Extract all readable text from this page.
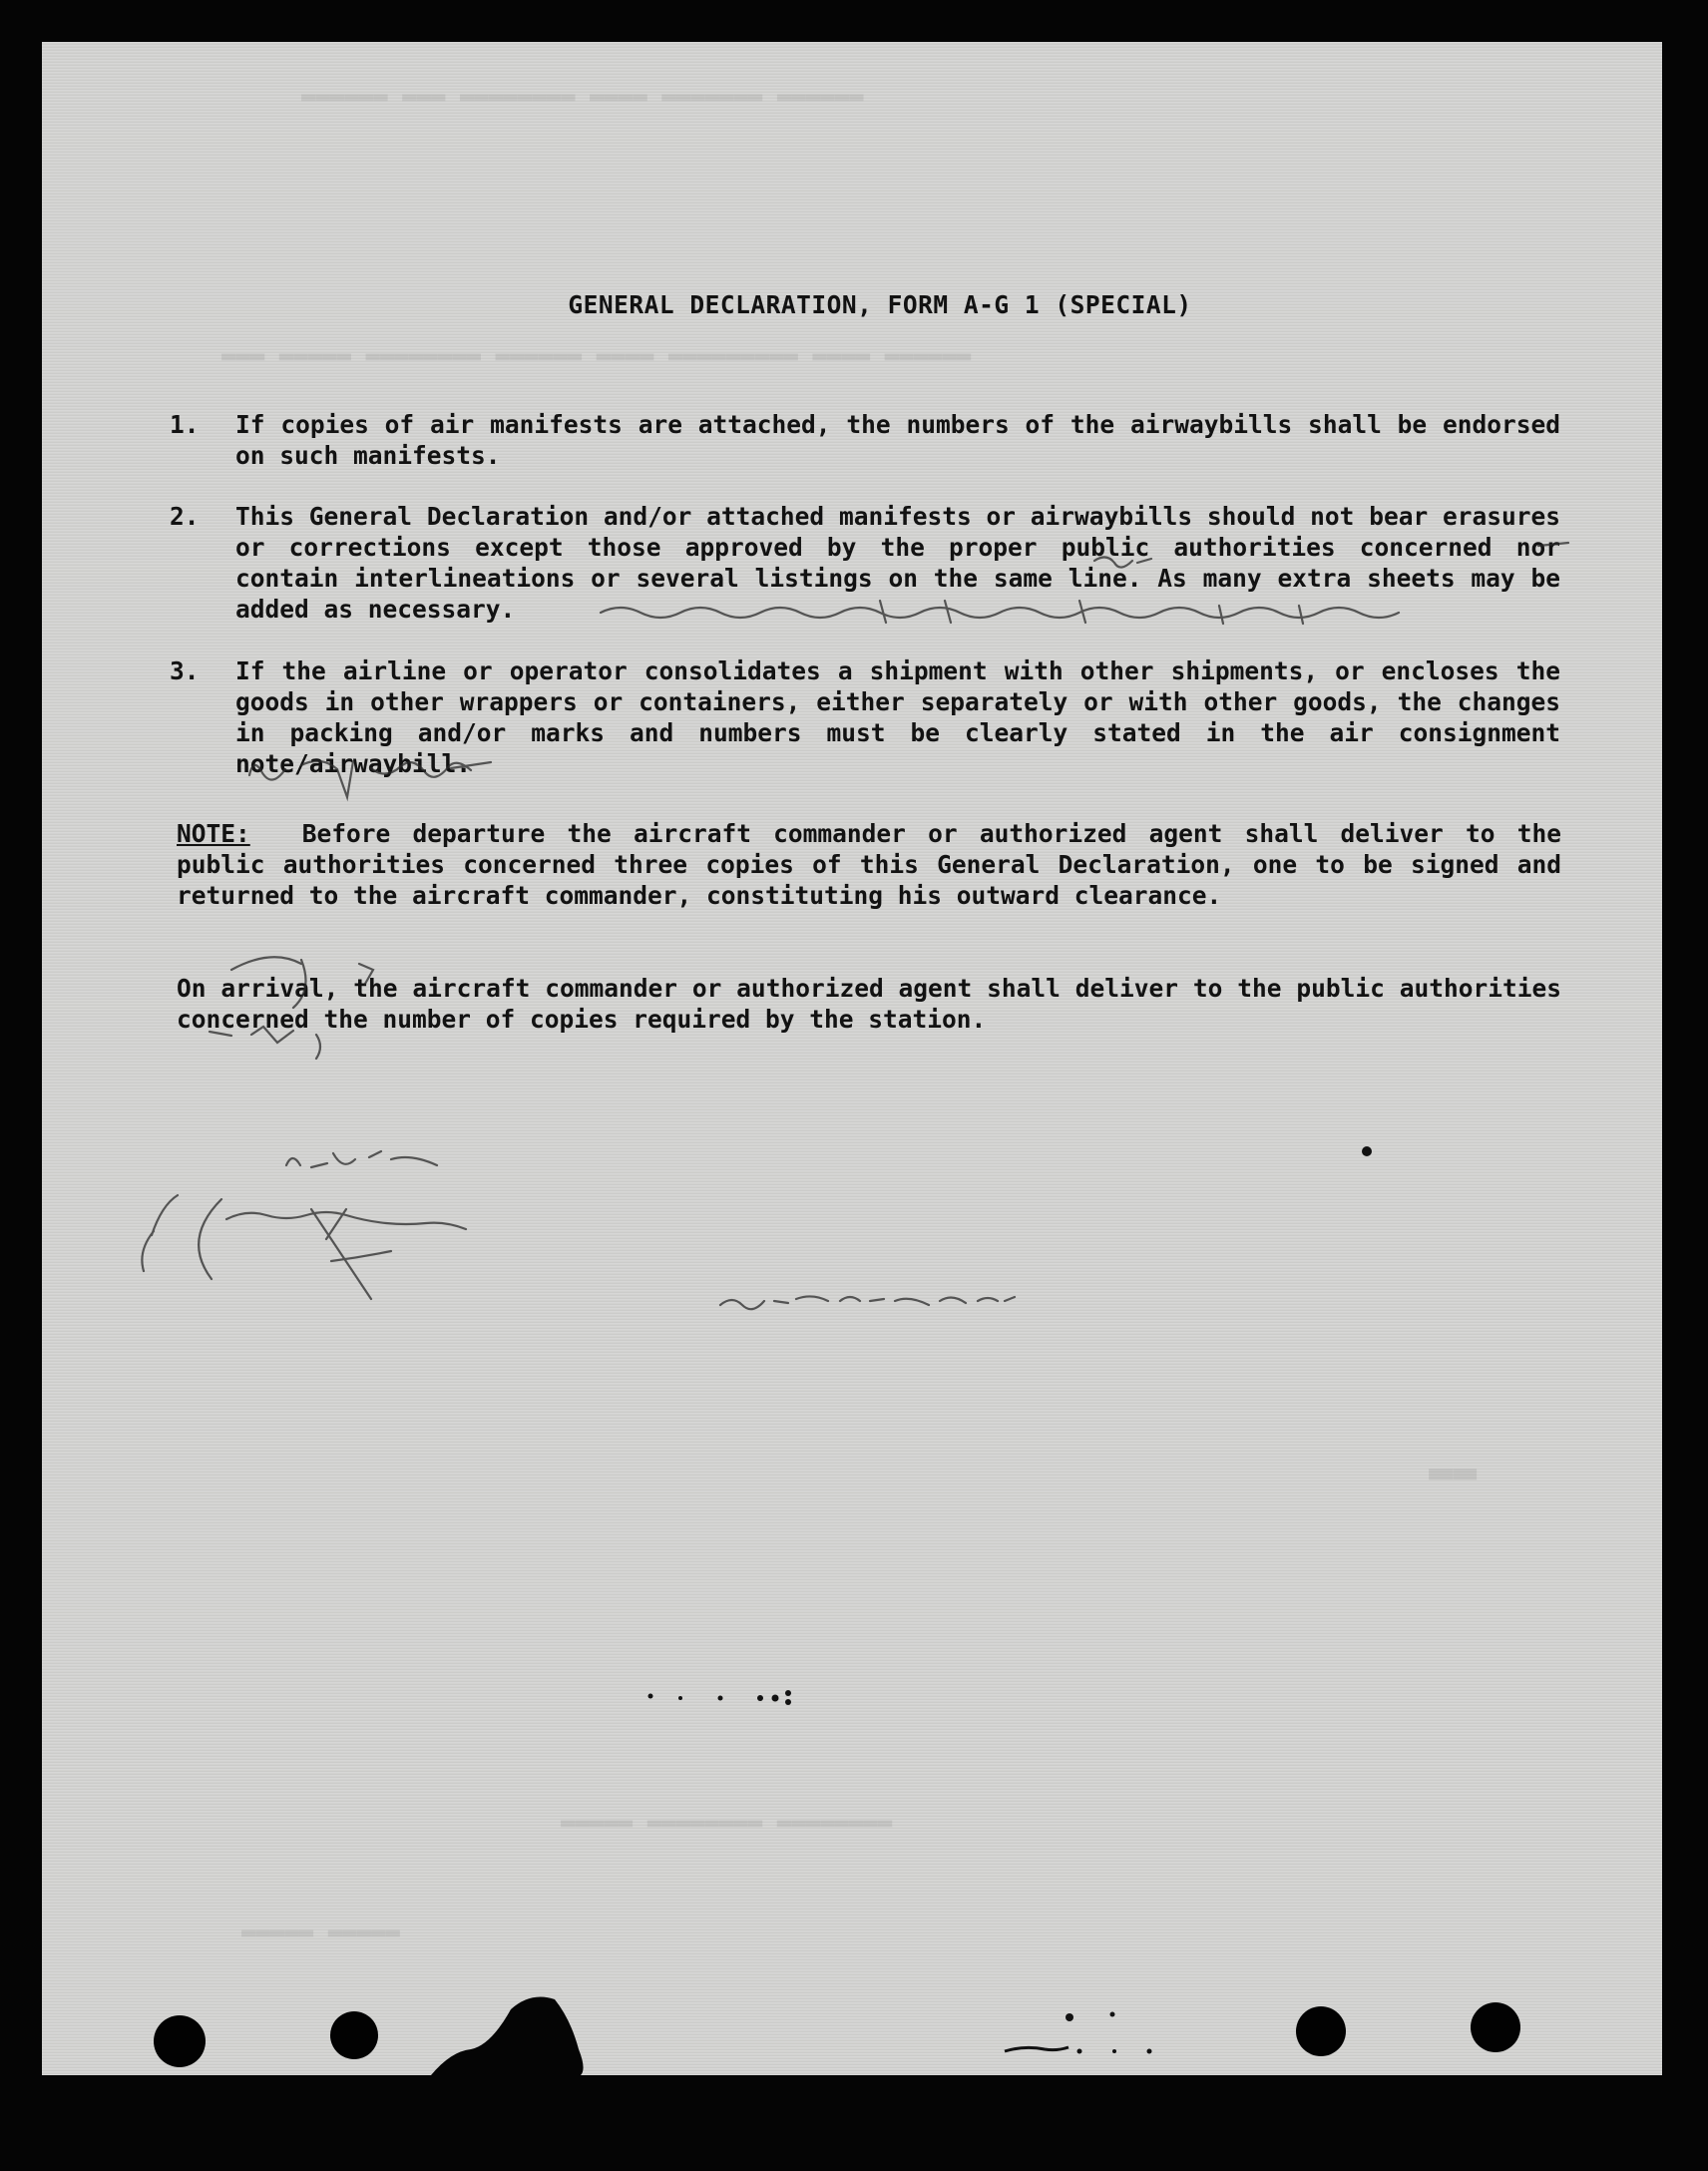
▬▬▬▬▬▬ ▬▬▬ ▬▬▬▬▬▬▬▬ ▬▬▬▬ ▬▬▬▬▬▬▬ ▬▬▬▬▬▬
▬▬▬ ▬▬▬▬▬ ▬▬▬▬▬▬▬▬ ▬▬▬▬▬▬ ▬▬▬▬ ▬▬▬▬▬▬▬▬▬ ▬▬▬▬ ▬▬▬▬▬▬
▬▬
▬▬▬▬▬ ▬▬▬▬▬▬▬▬ ▬▬▬▬▬▬▬▬
▬▬▬▬▬ ▬▬▬▬▬
GENERAL DECLARATION, FORM A-G 1 (SPECIAL)
1. If copies of air manifests are attached, the numbers of the airwaybills shall be endorsed on such manifests.
2. This General Declaration and/or attached manifests or airwaybills should not bear erasures or corrections except those approved by the proper public authorities concerned nor contain interlineations or several listings on the same line. As many extra sheets may be added as necessary.
3. If the airline or operator consolidates a shipment with other shipments, or encloses the goods in other wrappers or containers, either separately or with other goods, the changes in packing and/or marks and numbers must be clearly stated in the air consignment note/airwaybill.
NOTE: Before departure the aircraft commander or authorized agent shall deliver to the public authorities concerned three copies of this General Declaration, one to be signed and returned to the aircraft commander, constituting his outward clearance.
On arrival, the aircraft commander or authorized agent shall deliver to the public authorities concerned the number of copies required by the station.
